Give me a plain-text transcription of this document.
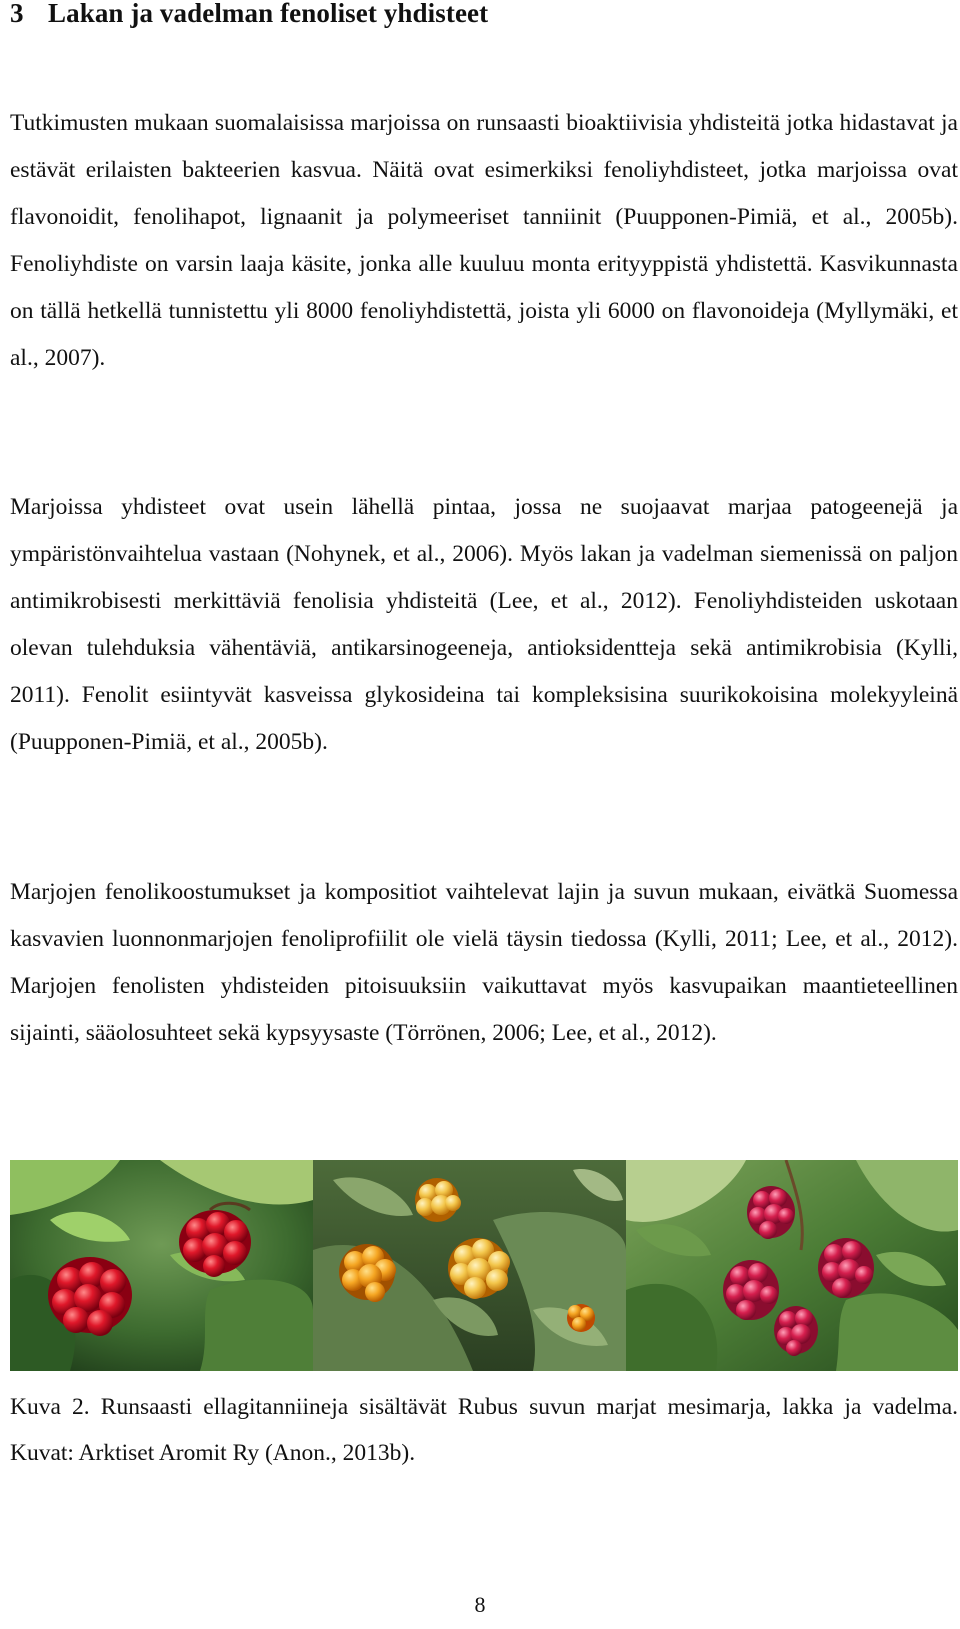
3 Lakan ja vadelman fenoliset yhdisteet

Tutkimusten mukaan suomalaisissa marjoissa on runsaasti bioaktiivisia yhdisteitä jotka hidastavat ja estävät erilaisten bakteerien kasvua. Näitä ovat esimerkiksi fenoliyhdisteet, jotka marjoissa ovat flavonoidit, fenolihapot, lignaanit ja polymeeriset tanniinit (Puupponen-Pimiä, et al., 2005b). Fenoliyhdiste on varsin laaja käsite, jonka alle kuuluu monta erityyppistä yhdistettä. Kasvikunnasta on tällä hetkellä tunnistettu yli 8000 fenoliyhdistettä, joista yli 6000 on flavonoideja (Myllymäki, et al., 2007).

Marjoissa yhdisteet ovat usein lähellä pintaa, jossa ne suojaavat marjaa patogeenejä ja ympäristönvaihtelua vastaan (Nohynek, et al., 2006). Myös lakan ja vadelman siemenissä on paljon antimikrobisesti merkittäviä fenolisia yhdisteitä (Lee, et al., 2012). Fenoliyhdisteiden uskotaan olevan tulehduksia vähentäviä, antikarsinogeeneja, antioksidentteja sekä antimikrobisia (Kylli, 2011). Fenolit esiintyvät kasveissa glykosideina tai kompleksisina suurikokoisina molekyyleinä (Puupponen-Pimiä, et al., 2005b).

Marjojen fenolikoostumukset ja kompositiot vaihtelevat lajin ja suvun mukaan, eivätkä Suomessa kasvavien luonnonmarjojen fenoliprofiilit ole vielä täysin tiedossa (Kylli, 2011; Lee, et al., 2012). Marjojen fenolisten yhdisteiden pitoisuuksiin vaikuttavat myös kasvupaikan maantieteellinen sijainti, sääolosuhteet sekä kypsyysaste (Törrönen, 2006; Lee, et al., 2012).

Kuva 2. Runsaasti ellagitanniineja sisältävät Rubus suvun marjat mesimarja, lakka ja vadelma. Kuvat: Arktiset Aromit Ry (Anon., 2013b).

8
